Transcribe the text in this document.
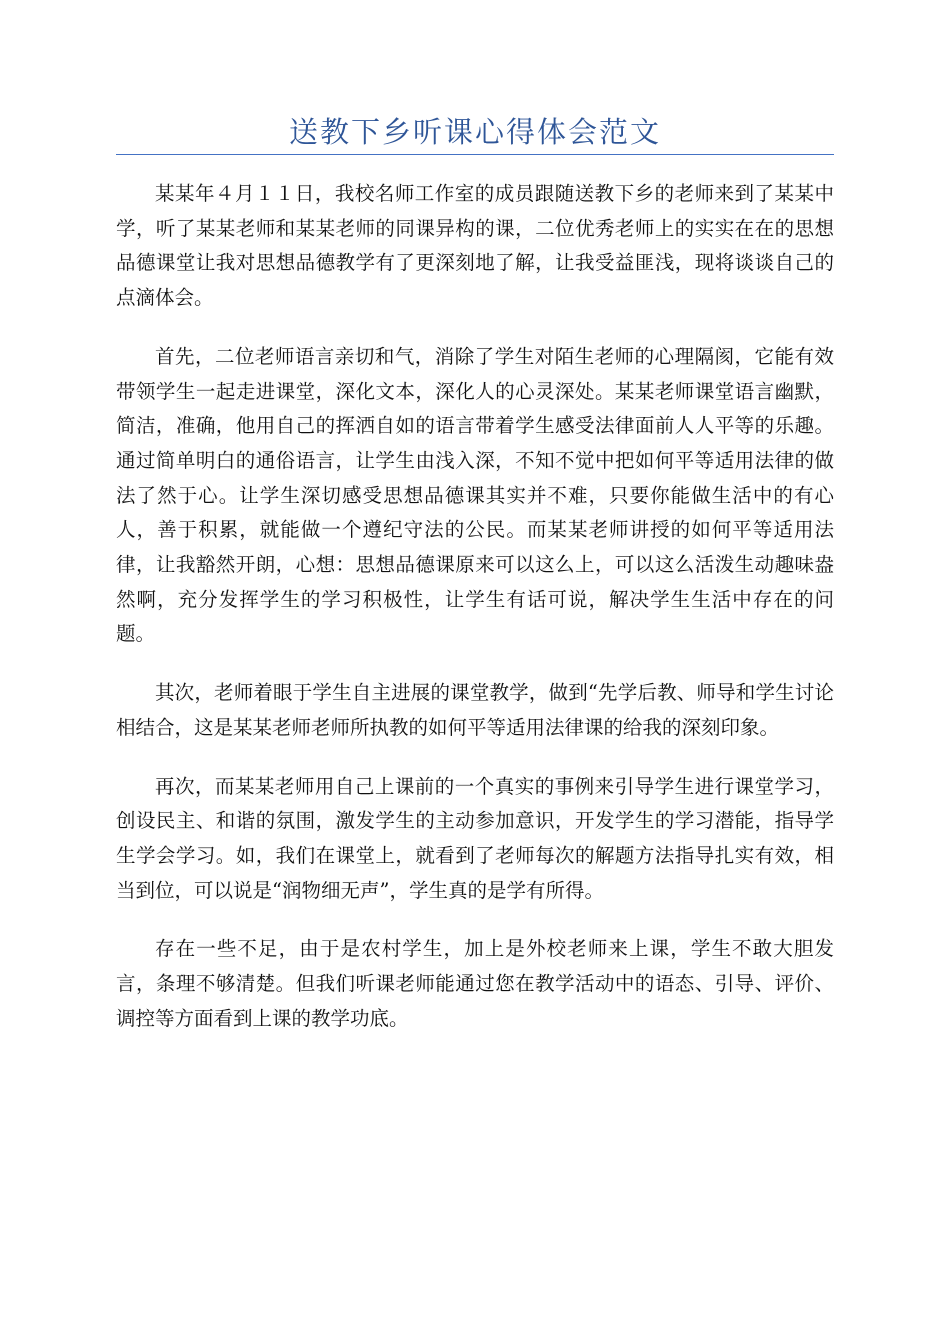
送教下乡听课心得体会范文

某某年４月１１日，我校名师工作室的成员跟随送教下乡的老师来到了某某中学，听了某某老师和某某老师的同课异构的课，二位优秀老师上的实实在在的思想品德课堂让我对思想品德教学有了更深刻地了解，让我受益匪浅，现将谈谈自己的点滴体会。

首先，二位老师语言亲切和气，消除了学生对陌生老师的心理隔阂，它能有效带领学生一起走进课堂，深化文本，深化人的心灵深处。某某老师课堂语言幽默，简洁，准确，他用自己的挥洒自如的语言带着学生感受法律面前人人平等的乐趣。通过简单明白的通俗语言，让学生由浅入深，不知不觉中把如何平等适用法律的做法了然于心。让学生深切感受思想品德课其实并不难，只要你能做生活中的有心人，善于积累，就能做一个遵纪守法的公民。而某某老师讲授的如何平等适用法律，让我豁然开朗，心想：思想品德课原来可以这么上，可以这么活泼生动趣味盎然啊，充分发挥学生的学习积极性，让学生有话可说，解决学生生活中存在的问题。

其次，老师着眼于学生自主进展的课堂教学，做到“先学后教、师导和学生讨论相结合，这是某某老师老师所执教的如何平等适用法律课的给我的深刻印象。

再次，而某某老师用自己上课前的一个真实的事例来引导学生进行课堂学习，创设民主、和谐的氛围，激发学生的主动参加意识，开发学生的学习潜能，指导学生学会学习。如，我们在课堂上，就看到了老师每次的解题方法指导扎实有效，相当到位，可以说是“润物细无声”，学生真的是学有所得。

存在一些不足，由于是农村学生，加上是外校老师来上课，学生不敢大胆发言，条理不够清楚。但我们听课老师能通过您在教学活动中的语态、引导、评价、调控等方面看到上课的教学功底。
